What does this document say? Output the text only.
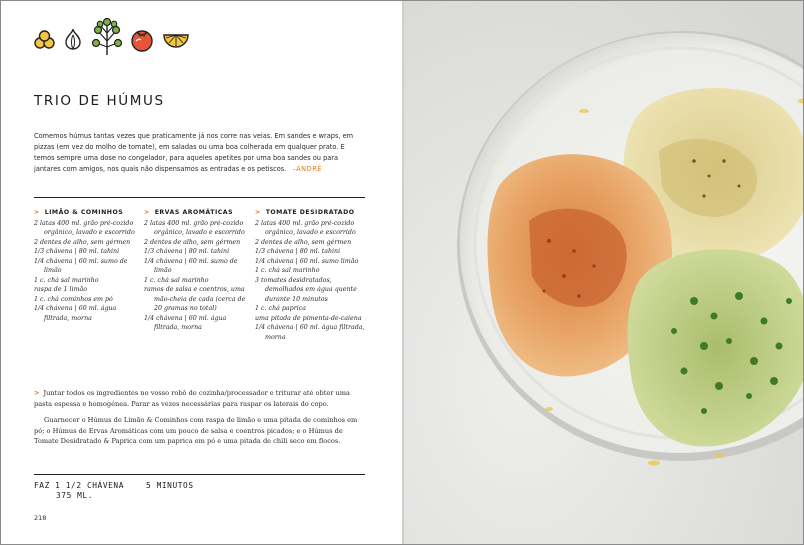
TRIO DE HÚMUS
Comemos húmus tantas vezes que praticamente já nos corre nas veias. Em sandes e wraps, em pizzas (em vez do molho de tomate), em saladas ou uma boa colherada em qualquer prato. E temos sempre uma dose no congelador, para aqueles apetites por uma boa sandes ou para jantares com amigos, nos quais não dispensamos as entradas e os petiscos. –ANDRÉ
> LIMÃO & COMINHOS

2 latas 400 ml. grão pré-cozido orgânico, lavado e escorrido

2 dentes de alho, sem gérmen

1/3 chávena | 80 ml. tahini

1/4 chávena | 60 ml. sumo de limão

1 c. chá sal marinho

raspa de 1 limão

1 c. chá cominhos em pó

1/4 chávena | 60 ml. água filtrada, morna

> ERVAS AROMÁTICAS

2 latas 400 ml. grão pré-cozido orgânico, lavado e escorrido

2 dentes de alho, sem gérmen

1/3 chávena | 80 ml. tahini

1/4 chávena | 60 ml. sumo de limão

1 c. chá sal marinho

ramos de salsa e coentros, uma mão-cheia de cada (cerca de 20 gramas no total)

1/4 chávena | 60 ml. água filtrada, morna

> TOMATE DESIDRATADO

2 latas 400 ml. grão pré-cozido orgânico, lavado e escorrido

2 dentes de alho, sem gérmen

1/3 chávena | 80 ml. tahini

1/4 chávena | 60 ml. sumo limão

1 c. chá sal marinho

3 tomates desidratados, demolhados em água quente durante 10 minutos

1 c. chá paprica

uma pitada de pimenta-de-caiena

1/4 chávena | 60 ml. água filtrada, morna

> Juntar todos os ingredientes no vosso robô de cozinha/processador e triturar até obter uma pasta espessa e homogénea. Parar as vezes necessárias para raspar os laterais do copo.

Guarnecer o Húmus de Limão & Cominhos com raspa de limão e uma pitada de cominhos em pó; o Húmus de Ervas Aromáticas com um pouco de salsa e coentros picados; e o Húmus de Tomate Desidratado & Paprica com um paprica em pó e uma pitada de chili seco em flocos.

FAZ 1 1/2 CHÁVENA
375 ML.
5 MINUTOS
218
